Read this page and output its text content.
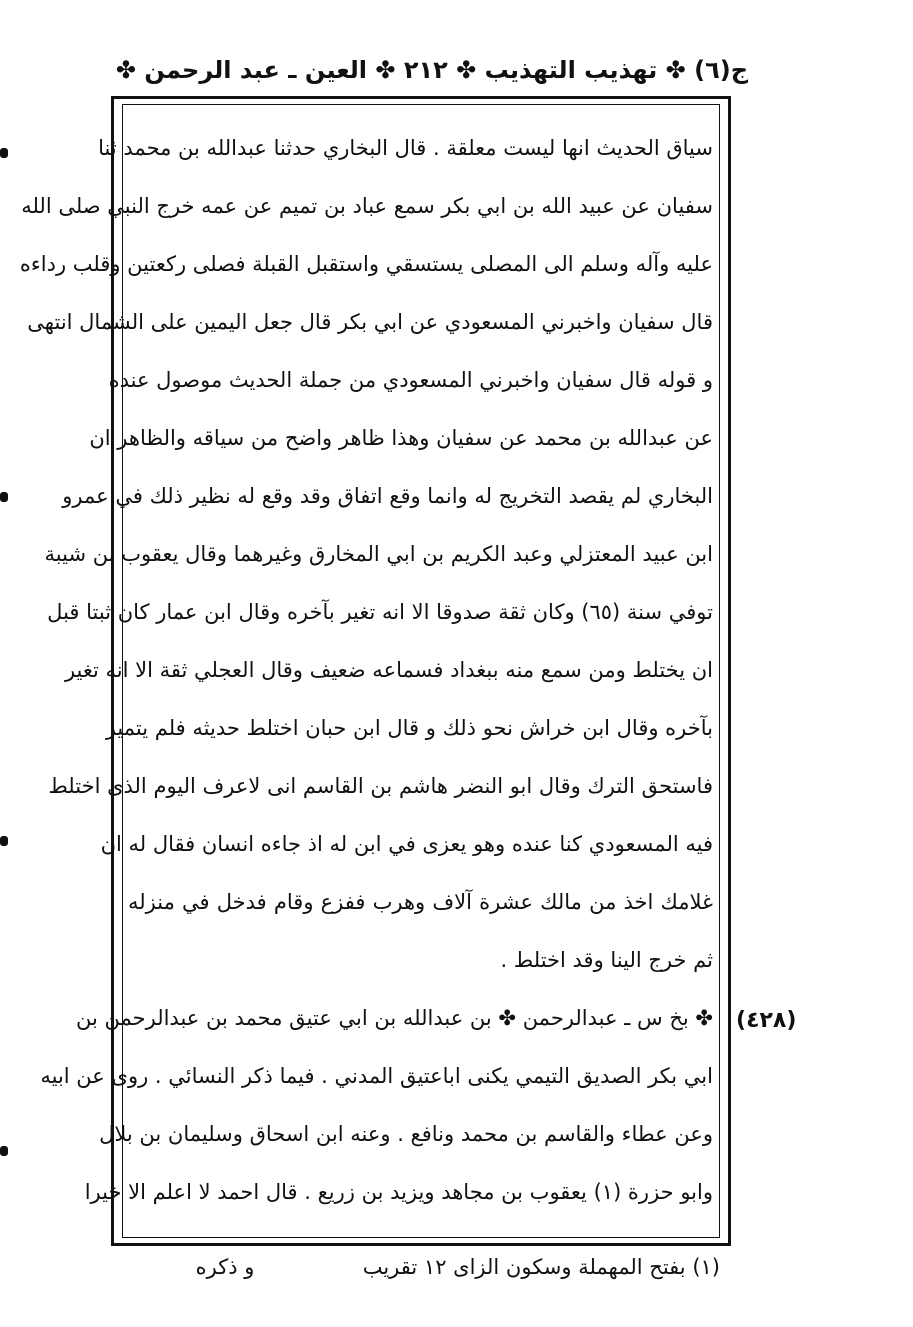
ج(٦) ✤ تهذيب التهذيب ✤ ٢١٢ ✤ العين ـ عبد الرحمن ✤
سياق الحديث انها ليست معلقة . قال البخاري حدثنا عبدالله بن محمد ثنا
سفيان عن عبيد الله بن ابي بكر سمع عباد بن تميم عن عمه خرج النبي صلى الله
عليه وآله وسلم الى المصلى يستسقي واستقبل القبلة فصلى ركعتين وقلب رداءه
قال سفيان واخبرني المسعودي عن ابي بكر قال جعل اليمين على الشمال انتهى
و قوله قال سفيان واخبرني المسعودي من جملة الحديث موصول عنده
عن عبدالله بن محمد عن سفيان وهذا ظاهر واضح من سياقه والظاهر ان
البخاري لم يقصد التخريج له وانما وقع اتفاق وقد وقع له نظير ذلك في عمرو
ابن عبيد المعتزلي وعبد الكريم بن ابي المخارق وغيرهما وقال يعقوب بن شيبة
توفي سنة (٦٥) وكان ثقة صدوقا الا انه تغير بآخره وقال ابن عمار كان ثبتا قبل
ان يختلط ومن سمع منه ببغداد فسماعه ضعيف وقال العجلي ثقة الا انه تغير
بآخره وقال ابن خراش نحو ذلك و قال ابن حبان اختلط حديثه فلم يتميز
فاستحق الترك وقال ابو النضر هاشم بن القاسم انى لاعرف اليوم الذى اختلط
فيه المسعودي كنا عنده وهو يعزى في ابن له اذ جاءه انسان فقال له ان
غلامك اخذ من مالك عشرة آلاف وهرب ففزع وقام فدخل في منزله
ثم خرج الينا وقد اختلط .
✤ بخ س ـ عبدالرحمن ✤ بن عبدالله بن ابي عتيق محمد بن عبدالرحمن بن
ابي بكر الصديق التيمي يكنى اباعتيق المدني . فيما ذكر النسائي . روى عن ابيه
وعن عطاء والقاسم بن محمد ونافع . وعنه ابن اسحاق وسليمان بن بلال
وابو حزرة (١) يعقوب بن مجاهد ويزيد بن زريع . قال احمد لا اعلم الا خيرا
(٤٢٨)
(١) بفتح المهملة وسكون الزاى ١٢ تقريب
و ذكره
